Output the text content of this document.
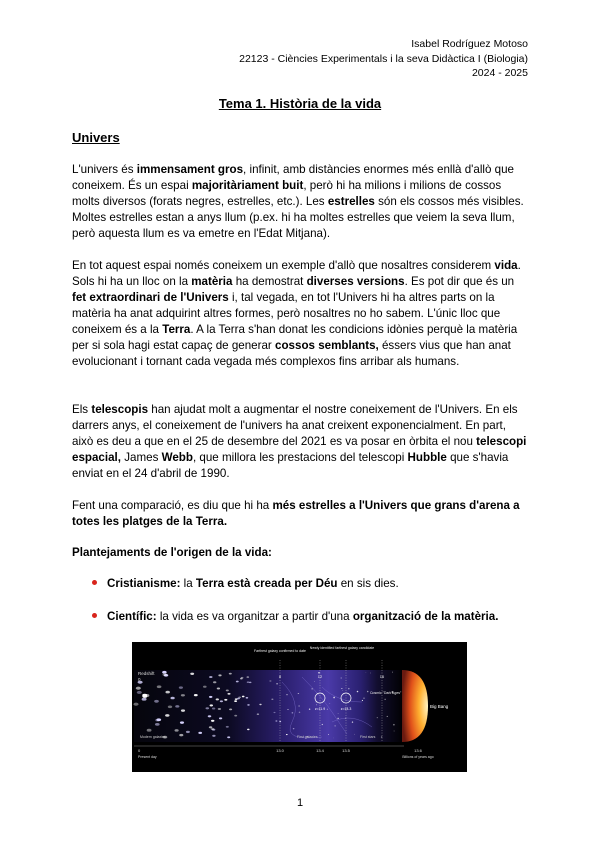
Isabel Rodríguez Motoso
22123 - Ciències Experimentals i la seva Didàctica I (Biologia)
2024 - 2025
Tema 1. Història de la vida
Univers
L'univers és immensament gros, infinit, amb distàncies enormes més enllà d'allò que coneixem. És un espai majoritàriament buit, però hi ha milions i milions de cossos molts diversos (forats negres, estrelles, etc.). Les estrelles són els cossos més visibles. Moltes estrelles estan a anys llum (p.ex. hi ha moltes estrelles que veiem la seva llum, però aquesta llum es va emetre en l'Edat Mitjana).
En tot aquest espai només coneixem un exemple d'allò que nosaltres considerem vida. Sols hi ha un lloc on la matèria ha demostrat diverses versions. Es pot dir que és un fet extraordinari de l'Univers i, tal vegada, en tot l'Univers hi ha altres parts on la matèria ha anat adquirint altres formes, però nosaltres no ho sabem. L'únic lloc que coneixem és a la Terra. A la Terra s'han donat les condicions idònies perquè la matèria per si sola hagi estat capaç de generar cossos semblants, éssers vius que han anat evolucionant i tornant cada vegada més complexos fins arribar als humans.
Els telescopis han ajudat molt a augmentar el nostre coneixement de l'Univers. En els darrers anys, el coneixement de l'univers ha anat creixent exponencialment. En part, això es deu a que en el 25 de desembre del 2021 es va posar en òrbita el nou telescopi espacial, James Webb, que millora les prestacions del telescopi Hubble que s'havia enviat en el 24 d'abril de 1990.
Fent una comparació, es diu que hi ha més estrelles a l'Univers que grans d'arena a totes les platges de la Terra.
Plantejaments de l'origen de la vida:
Cristianisme: la Terra està creada per Déu en sis dies.
Científic: la vida es va organitzar a partir d'una organització de la matèria.
Redshift
0
8	12	16
Farthest galaxy confirmed to date
Newly identified farthest galaxy candidate
z=11.9	z=13.3
Cosmic "Dark Ages"
Big Bang
Modern galaxies	First galaxies	First stars
0
Present day
13.0	13.4	13.5	13.6
Billions of years ago
1
